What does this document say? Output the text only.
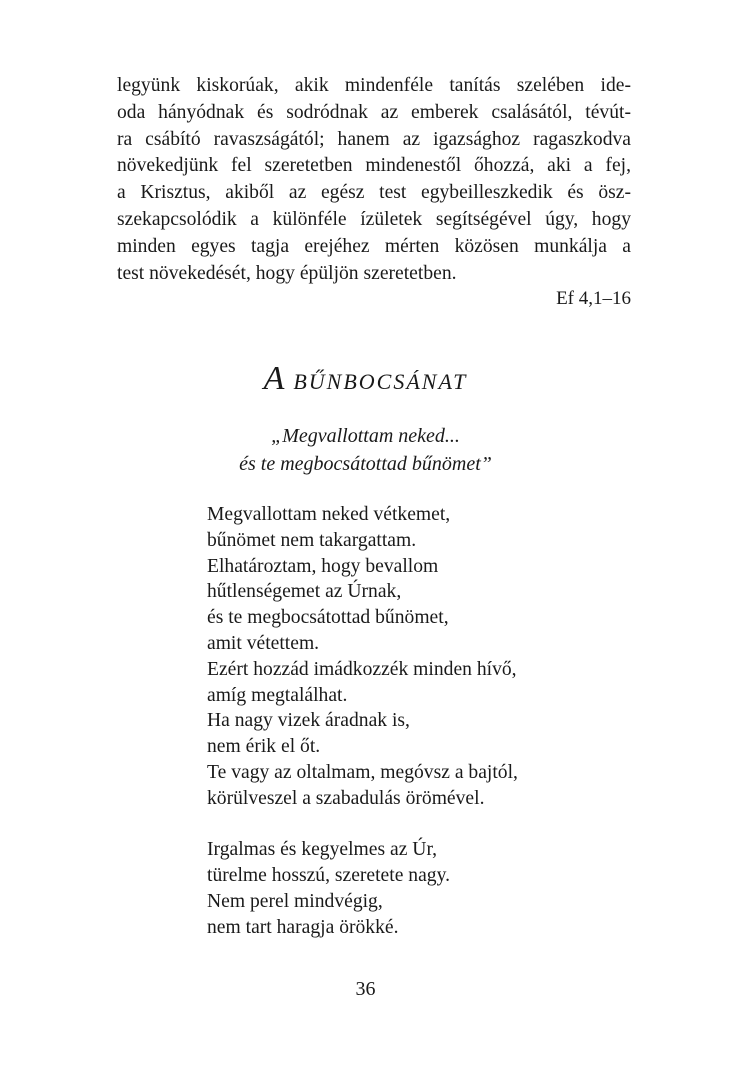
legyünk kiskorúak, akik mindenféle tanítás szelében ide-
oda hányódnak és sodródnak az emberek csalásától, tévút-
ra csábító ravaszságától; hanem az igazsághoz ragaszkodva
növekedjünk fel szeretetben mindenestől őhozzá, aki a fej,
a Krisztus, akiből az egész test egybeilleszkedik és ösz-
szekapcsolódik a különféle ízületek segítségével úgy, hogy
minden egyes tagja erejéhez mérten közösen munkálja a
test növekedését, hogy épüljön szeretetben.
Ef 4,1–16
A BŰNBOCSÁNAT
„Megvallottam neked...
és te megbocsátottad bűnömet”
Megvallottam neked vétkemet,
bűnömet nem takargattam.
Elhatároztam, hogy bevallom
hűtlenségemet az Úrnak,
és te megbocsátottad bűnömet,
amit vétettem.
Ezért hozzád imádkozzék minden hívő,
amíg megtalálhat.
Ha nagy vizek áradnak is,
nem érik el őt.
Te vagy az oltalmam, megóvsz a bajtól,
körülveszel a szabadulás örömével.
Irgalmas és kegyelmes az Úr,
türelme hosszú, szeretete nagy.
Nem perel mindvégig,
nem tart haragja örökké.
36
